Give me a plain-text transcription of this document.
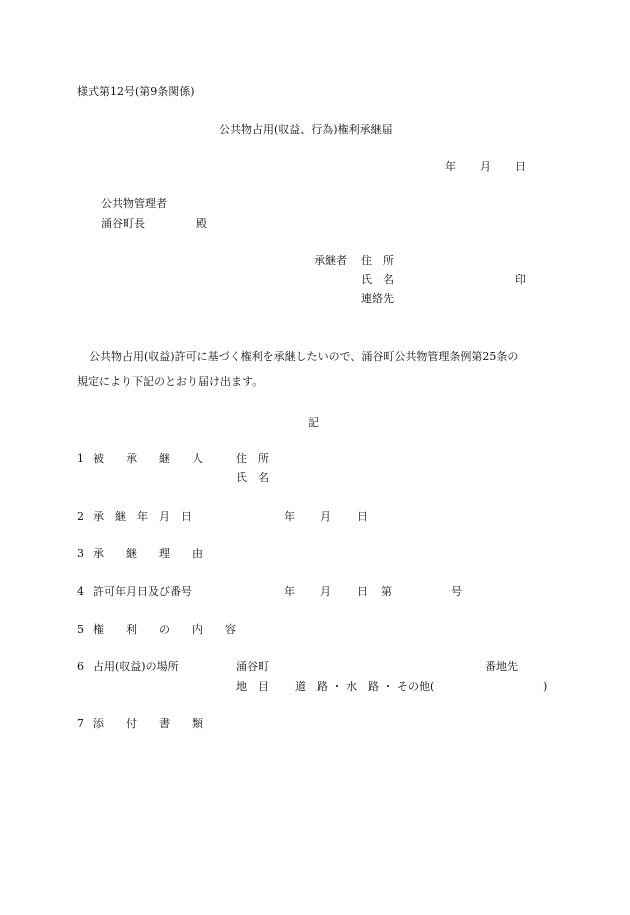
様式第12号(第9条関係)
公共物占用(収益、行為)権利承継届
年 月 日
公共物管理者
涌谷町長	殿
承継者 住　所
氏　名	印
連絡先
公共物占用(収益)許可に基づく権利を承継したいので、涌谷町公共物管理条例第25条の
規定により下記のとおり届け出ます。
記
1 被　　承　　継　　人	住　所
氏　名
2 承　継　年　月　日	年 月 日
3 承　　継　　理　　由
4 許可年月日及び番号	年 月 日 第	号
5 権　　利　　の　　内　　容
6 占用(収益)の場所	涌谷町	番地先
地　目 道　路 ・ 水　路 ・ その他(	)
7 添　　付　　書　　類
